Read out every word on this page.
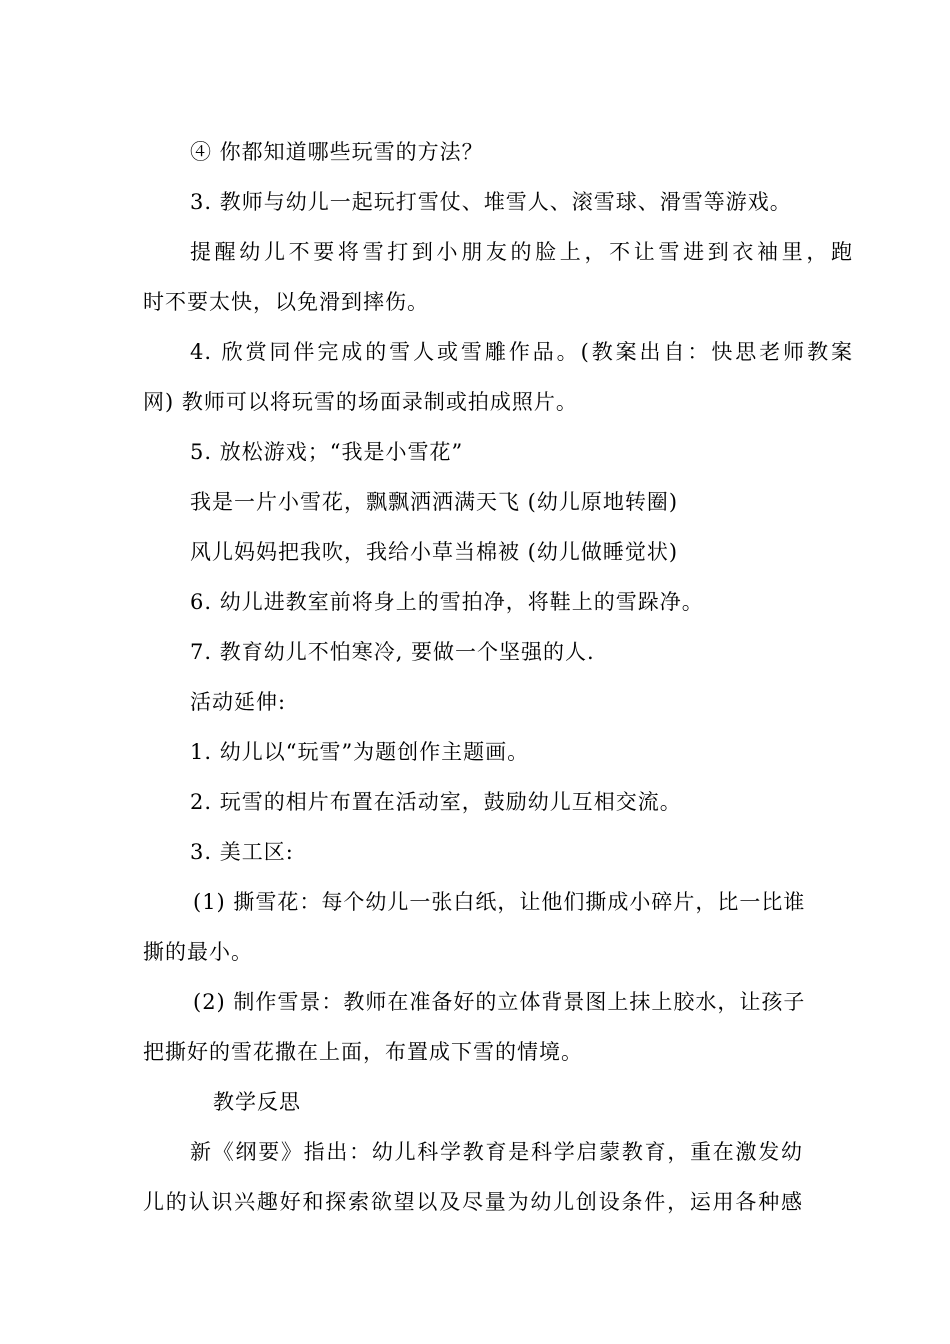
④ 你都知道哪些玩雪的方法？
3. 教师与幼儿一起玩打雪仗、堆雪人、滚雪球、滑雪等游戏。
提醒幼儿不要将雪打到小朋友的脸上，不让雪进到衣袖里，跑
时不要太快，以免滑到摔伤。
4. 欣赏同伴完成的雪人或雪雕作品。(教案出自：快思老师教案
网) 教师可以将玩雪的场面录制或拍成照片。
5. 放松游戏；“我是小雪花”
我是一片小雪花，飘飘洒洒满天飞 (幼儿原地转圈)
风儿妈妈把我吹，我给小草当棉被 (幼儿做睡觉状)
6. 幼儿进教室前将身上的雪拍净，将鞋上的雪跺净。
7. 教育幼儿不怕寒冷, 要做一个坚强的人.
活动延伸:
1. 幼儿以“玩雪”为题创作主题画。
2. 玩雪的相片布置在活动室，鼓励幼儿互相交流。
3. 美工区:
(1) 撕雪花：每个幼儿一张白纸，让他们撕成小碎片，比一比谁
撕的最小。
(2) 制作雪景：教师在准备好的立体背景图上抹上胶水，让孩子
把撕好的雪花撒在上面，布置成下雪的情境。
教学反思
新《纲要》指出：幼儿科学教育是科学启蒙教育，重在激发幼
儿的认识兴趣好和探索欲望以及尽量为幼儿创设条件，运用各种感
